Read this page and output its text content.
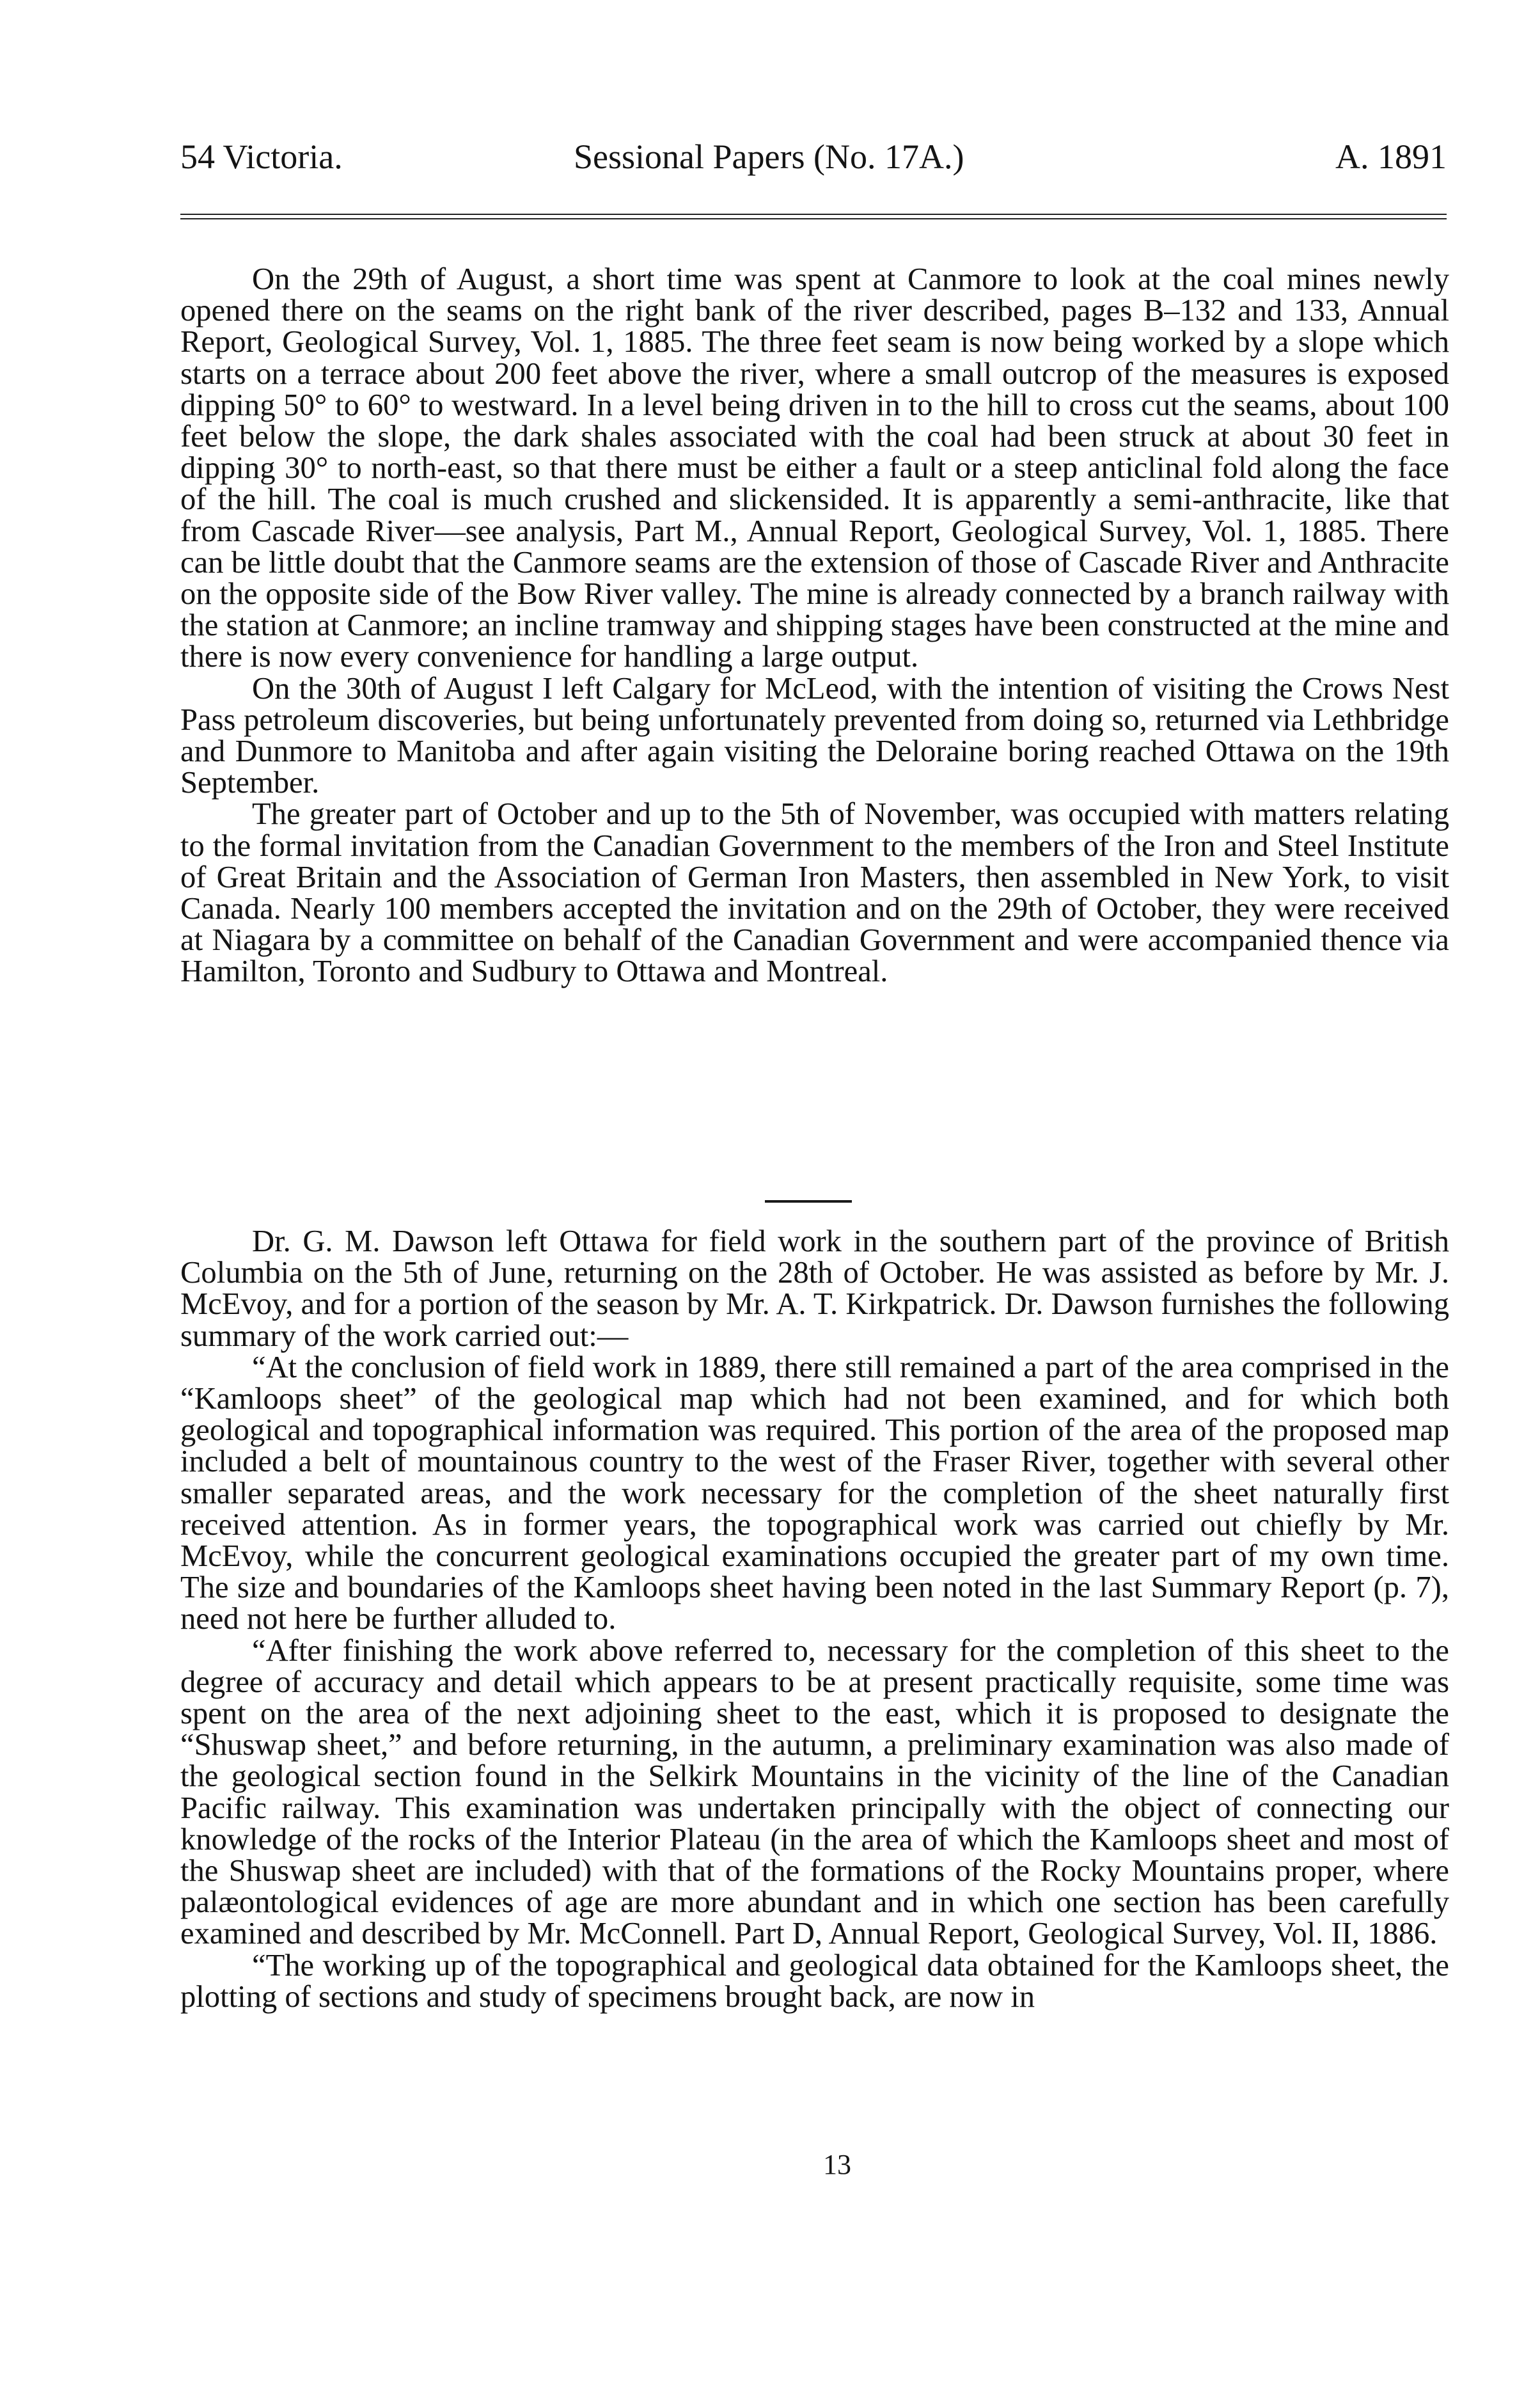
54 Victoria.	Sessional Papers (No. 17A.)	A. 1891

On the 29th of August, a short time was spent at Canmore to look at the coal mines newly opened there on the seams on the right bank of the river described, pages B–132 and 133, Annual Report, Geological Survey, Vol. 1, 1885. The three feet seam is now being worked by a slope which starts on a terrace about 200 feet above the river, where a small outcrop of the measures is exposed dipping 50° to 60° to westward. In a level being driven in to the hill to cross cut the seams, about 100 feet below the slope, the dark shales associated with the coal had been struck at about 30 feet in dipping 30° to north-east, so that there must be either a fault or a steep anticlinal fold along the face of the hill. The coal is much crushed and slickensided. It is apparently a semi-anthracite, like that from Cascade River—see analysis, Part M., Annual Report, Geological Survey, Vol. 1, 1885. There can be little doubt that the Canmore seams are the extension of those of Cascade River and Anthracite on the opposite side of the Bow River valley. The mine is already connected by a branch railway with the station at Canmore; an incline tramway and shipping stages have been constructed at the mine and there is now every convenience for handling a large output.

On the 30th of August I left Calgary for McLeod, with the intention of visiting the Crows Nest Pass petroleum discoveries, but being unfortunately prevented from doing so, returned via Lethbridge and Dunmore to Manitoba and after again visiting the Deloraine boring reached Ottawa on the 19th September.

The greater part of October and up to the 5th of November, was occupied with matters relating to the formal invitation from the Canadian Government to the members of the Iron and Steel Institute of Great Britain and the Association of German Iron Masters, then assembled in New York, to visit Canada. Nearly 100 members accepted the invitation and on the 29th of October, they were received at Niagara by a committee on behalf of the Canadian Government and were accompanied thence via Hamilton, Toronto and Sudbury to Ottawa and Montreal.

Dr. G. M. Dawson left Ottawa for field work in the southern part of the province of British Columbia on the 5th of June, returning on the 28th of October. He was assisted as before by Mr. J. McEvoy, and for a portion of the season by Mr. A. T. Kirkpatrick. Dr. Dawson furnishes the following summary of the work carried out:—

“At the conclusion of field work in 1889, there still remained a part of the area comprised in the “Kamloops sheet” of the geological map which had not been examined, and for which both geological and topographical information was required. This portion of the area of the proposed map included a belt of mountainous country to the west of the Fraser River, together with several other smaller separated areas, and the work necessary for the completion of the sheet naturally first received attention. As in former years, the topographical work was carried out chiefly by Mr. McEvoy, while the concurrent geological examinations occupied the greater part of my own time. The size and boundaries of the Kamloops sheet having been noted in the last Summary Report (p. 7), need not here be further alluded to.

“After finishing the work above referred to, necessary for the completion of this sheet to the degree of accuracy and detail which appears to be at present practically requisite, some time was spent on the area of the next adjoining sheet to the east, which it is proposed to designate the “Shuswap sheet,” and before returning, in the autumn, a preliminary examination was also made of the geological section found in the Selkirk Mountains in the vicinity of the line of the Canadian Pacific railway. This examination was undertaken principally with the object of connecting our knowledge of the rocks of the Interior Plateau (in the area of which the Kamloops sheet and most of the Shuswap sheet are included) with that of the formations of the Rocky Mountains proper, where palæontological evidences of age are more abundant and in which one section has been carefully examined and described by Mr. McConnell. Part D, Annual Report, Geological Survey, Vol. II, 1886.

“The working up of the topographical and geological data obtained for the Kamloops sheet, the plotting of sections and study of specimens brought back, are now in

13
